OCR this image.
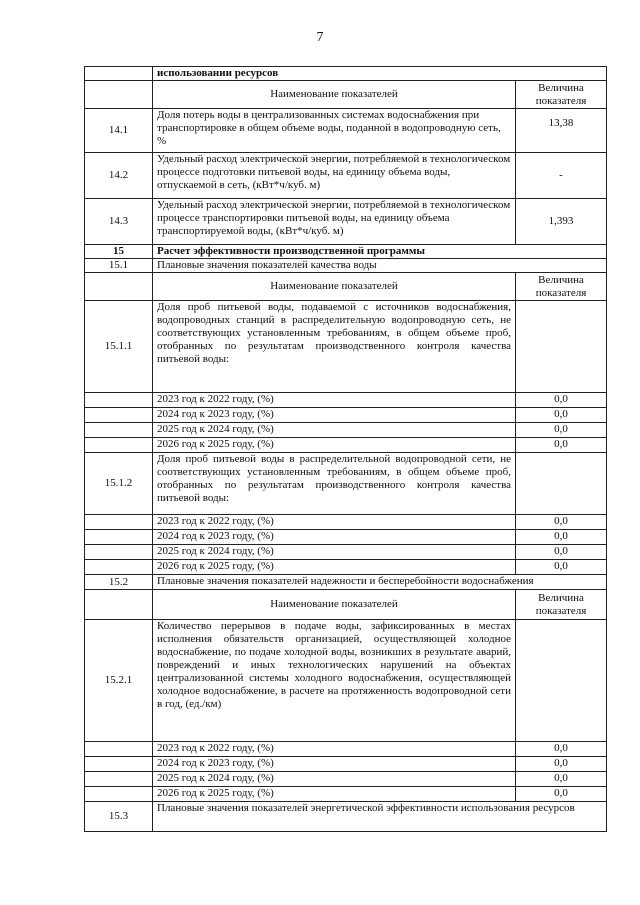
7
	использовании ресурсов	
	Наименование показателей	Величина показателя
14.1	Доля потерь воды в централизованных системах водоснабжения при транспортировке в общем объеме воды, поданной в водопроводную сеть, %	13,38
14.2	Удельный расход электрической энергии, потребляемой в технологическом процессе подготовки питьевой воды, на единицу объема воды, отпускаемой в сеть, (кВт*ч/куб. м)	-
14.3	Удельный расход электрической энергии, потребляемой в технологическом процессе транспортировки питьевой воды, на единицу объема транспортируемой воды, (кВт*ч/куб. м)	1,393
15	Расчет эффективности производственной программы	
15.1	Плановые значения показателей качества воды	
	Наименование показателей	Величина показателя
15.1.1	Доля проб питьевой воды, подаваемой с источников водоснабжения, водопроводных станций в распределительную водопроводную сеть, не соответствующих установленным требованиям, в общем объеме проб, отобранных по результатам производственного контроля качества питьевой воды:	
	2023 год к 2022 году, (%)	0,0
	2024 год к 2023 году, (%)	0,0
	2025 год к 2024 году, (%)	0,0
	2026 год к 2025 году, (%)	0,0
15.1.2	Доля проб питьевой воды в распределительной водопроводной сети, не соответствующих установленным требованиям, в общем объеме проб, отобранных по результатам производственного контроля качества питьевой воды:	
	2023 год к 2022 году, (%)	0,0
	2024 год к 2023 году, (%)	0,0
	2025 год к 2024 году, (%)	0,0
	2026 год к 2025 году, (%)	0,0
15.2	Плановые значения показателей надежности и бесперебойности водоснабжения	
	Наименование показателей	Величина показателя
15.2.1	Количество перерывов в подаче воды, зафиксированных в местах исполнения обязательств организацией, осуществляющей холодное водоснабжение, по подаче холодной воды, возникших в результате аварий, повреждений и иных технологических нарушений на объектах централизованной системы холодного водоснабжения, осуществляющей холодное водоснабжение, в расчете на протяженность водопроводной сети в год, (ед./км)	
	2023 год к 2022 году, (%)	0,0
	2024 год к 2023 году, (%)	0,0
	2025 год к 2024 году, (%)	0,0
	2026 год к 2025 году, (%)	0,0
15.3	Плановые значения показателей энергетической эффективности использования ресурсов	
